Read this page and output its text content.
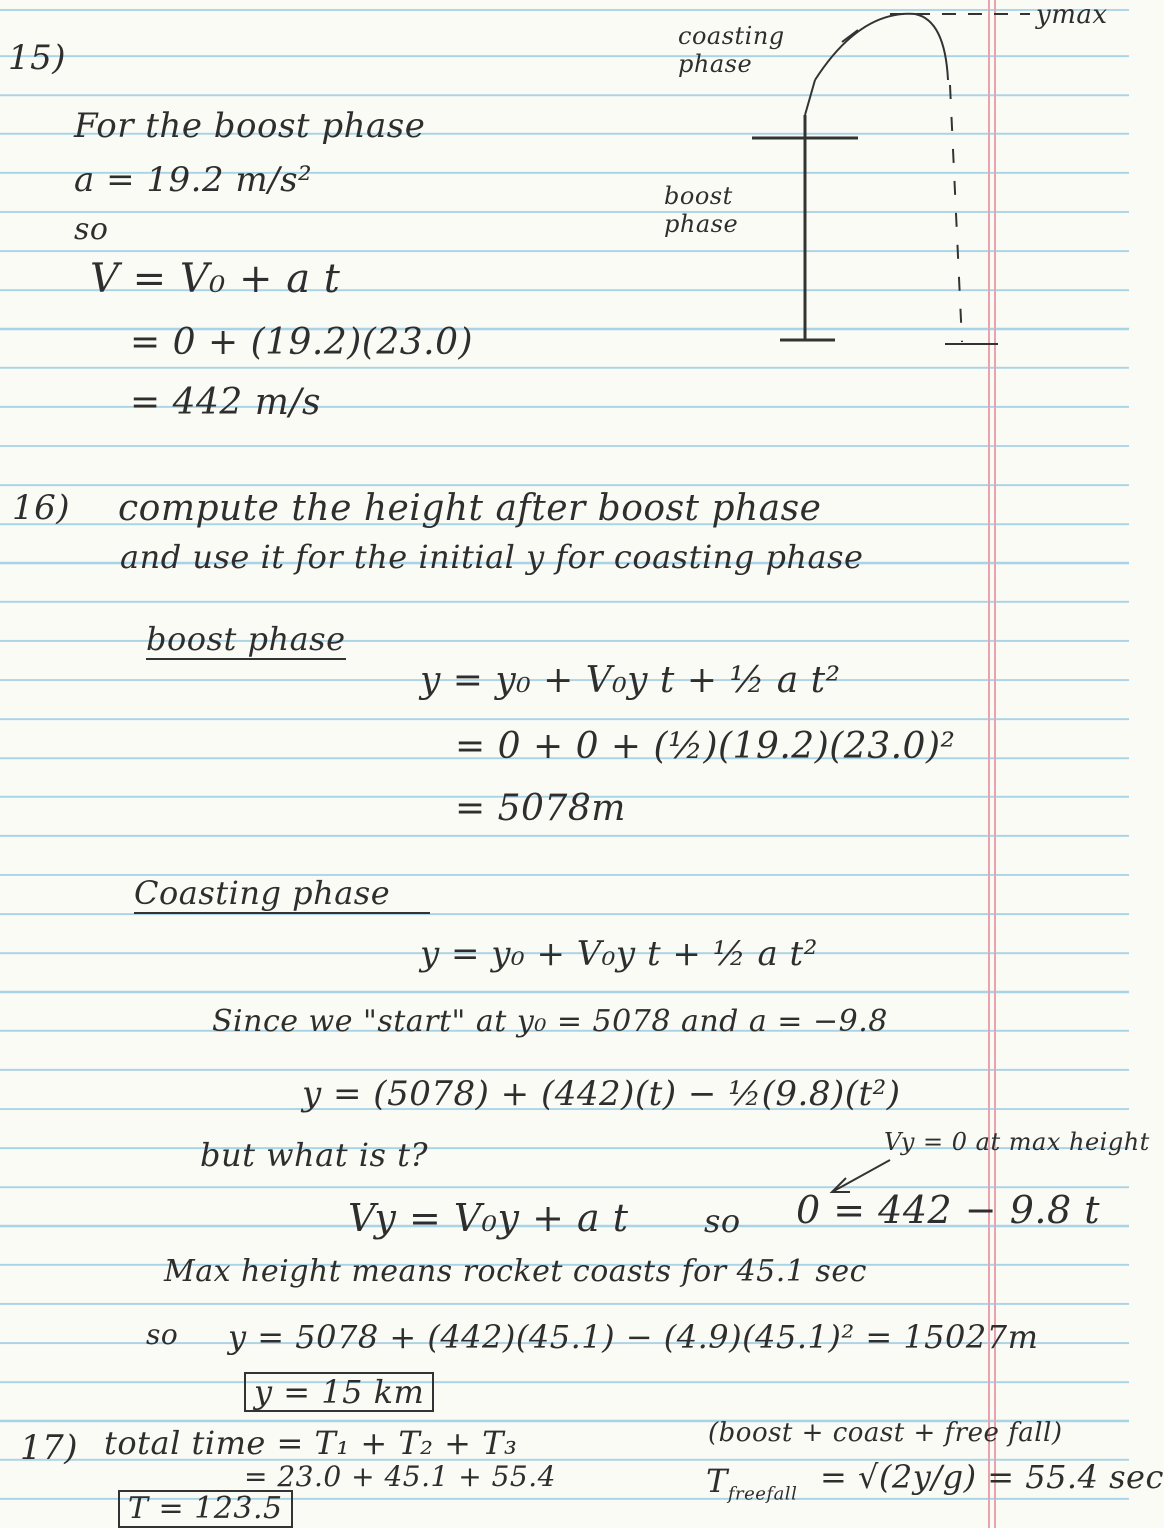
coasting phase
boost phase
ymax
15)
For the boost phase
a = 19.2 m/s²
so
V = V₀ + a t
= 0 + (19.2)(23.0)
= 442 m/s
16) compute the height after boost phase
and use it for the initial y for coasting phase
boost phase
y = y₀ + V₀y t + ½ a t²
= 0 + 0 + (½)(19.2)(23.0)²
= 5078m
Coasting phase
y = y₀ + V₀y t + ½ a t²
Since we "start" at y₀ = 5078 and a = −9.8
y = (5078) + (442)(t) − ½(9.8)(t²)
but what is t?	Vy = 0 at max height
Vy = V₀y + a t so 0 = 442 − 9.8 t
Max height means rocket coasts for 45.1 sec
so y = 5078 + (442)(45.1) − (4.9)(45.1)² = 15027m
y = 15 km
17) total time = T₁ + T₂ + T₃
= 23.0 + 45.1 + 55.4
T = 123.5
(boost + coast + free fall)
$T_{freefall} = √(2y/g) = 55.4$ sec
